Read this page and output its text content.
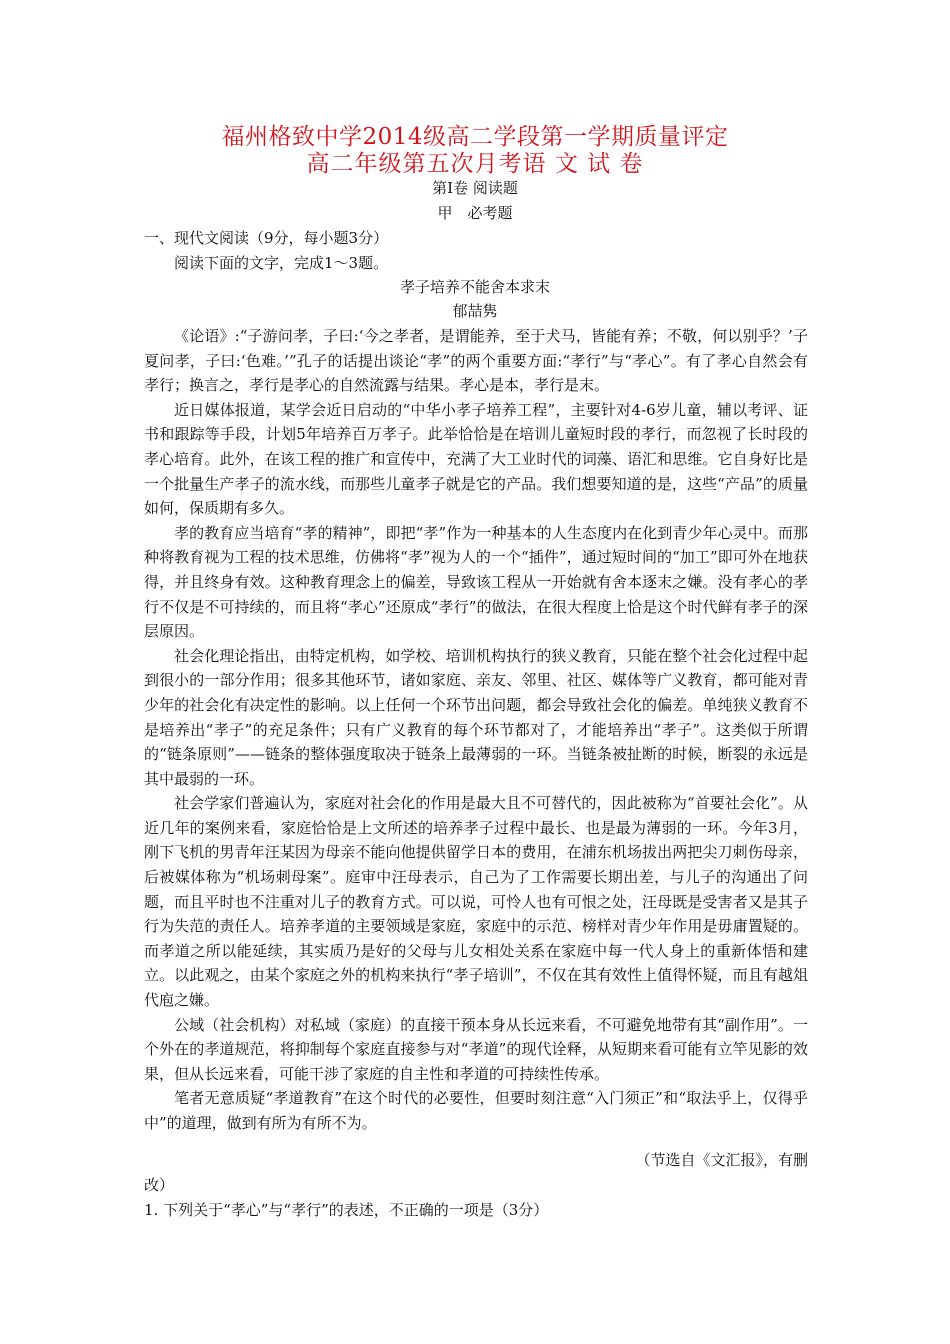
福州格致中学2014级高二学段第一学期质量评定
高二年级第五次月考语 文 试 卷
第Ⅰ卷 阅读题
甲　必考题
一、现代文阅读（9分，每小题3分）
阅读下面的文字，完成1～3题。
孝子培养不能舍本求末
郁喆隽

《论语》:“子游问孝，子曰:‘今之孝者，是谓能养，至于犬马，皆能有养；不敬，何以别乎？’子夏问孝，子曰:‘色难。’”孔子的话提出谈论“孝”的两个重要方面:“孝行”与“孝心”。有了孝心自然会有孝行；换言之，孝行是孝心的自然流露与结果。孝心是本，孝行是末。

近日媒体报道，某学会近日启动的“中华小孝子培养工程”，主要针对4-6岁儿童，辅以考评、证书和跟踪等手段，计划5年培养百万孝子。此举恰恰是在培训儿童短时段的孝行，而忽视了长时段的孝心培育。此外，在该工程的推广和宣传中，充满了大工业时代的词藻、语汇和思维。它自身好比是一个批量生产孝子的流水线，而那些儿童孝子就是它的产品。我们想要知道的是，这些“产品”的质量如何，保质期有多久。

孝的教育应当培育“孝的精神”，即把“孝”作为一种基本的人生态度内在化到青少年心灵中。而那种将教育视为工程的技术思维，仿佛将“孝”视为人的一个“插件”，通过短时间的“加工”即可外在地获得，并且终身有效。这种教育理念上的偏差，导致该工程从一开始就有舍本逐末之嫌。没有孝心的孝行不仅是不可持续的，而且将“孝心”还原成“孝行”的做法，在很大程度上恰是这个时代鲜有孝子的深层原因。

社会化理论指出，由特定机构，如学校、培训机构执行的狭义教育，只能在整个社会化过程中起到很小的一部分作用；很多其他环节，诸如家庭、亲友、邻里、社区、媒体等广义教育，都可能对青少年的社会化有决定性的影响。以上任何一个环节出问题，都会导致社会化的偏差。单纯狭义教育不是培养出“孝子”的充足条件；只有广义教育的每个环节都对了，才能培养出“孝子”。这类似于所谓的“链条原则”——链条的整体强度取决于链条上最薄弱的一环。当链条被扯断的时候，断裂的永远是其中最弱的一环。

社会学家们普遍认为，家庭对社会化的作用是最大且不可替代的，因此被称为“首要社会化”。从近几年的案例来看，家庭恰恰是上文所述的培养孝子过程中最长、也是最为薄弱的一环。今年3月，刚下飞机的男青年汪某因为母亲不能向他提供留学日本的费用，在浦东机场拔出两把尖刀刺伤母亲，后被媒体称为“机场刺母案”。庭审中汪母表示，自己为了工作需要长期出差，与儿子的沟通出了问题，而且平时也不注重对儿子的教育方式。可以说，可怜人也有可恨之处，汪母既是受害者又是其子行为失范的责任人。培养孝道的主要领域是家庭，家庭中的示范、榜样对青少年作用是毋庸置疑的。而孝道之所以能延续，其实质乃是好的父母与儿女相处关系在家庭中每一代人身上的重新体悟和建立。以此观之，由某个家庭之外的机构来执行“孝子培训”，不仅在其有效性上值得怀疑，而且有越俎代庖之嫌。

公域（社会机构）对私域（家庭）的直接干预本身从长远来看，不可避免地带有其“副作用”。一个外在的孝道规范，将抑制每个家庭直接参与对“孝道”的现代诠释，从短期来看可能有立竿见影的效果，但从长远来看，可能干涉了家庭的自主性和孝道的可持续性传承。

笔者无意质疑“孝道教育”在这个时代的必要性，但要时刻注意“入门须正”和“取法乎上，仅得乎中”的道理，做到有所为有所不为。

（节选自《文汇报》，有删
改）
1. 下列关于“孝心”与“孝行”的表述，不正确的一项是（3分）
